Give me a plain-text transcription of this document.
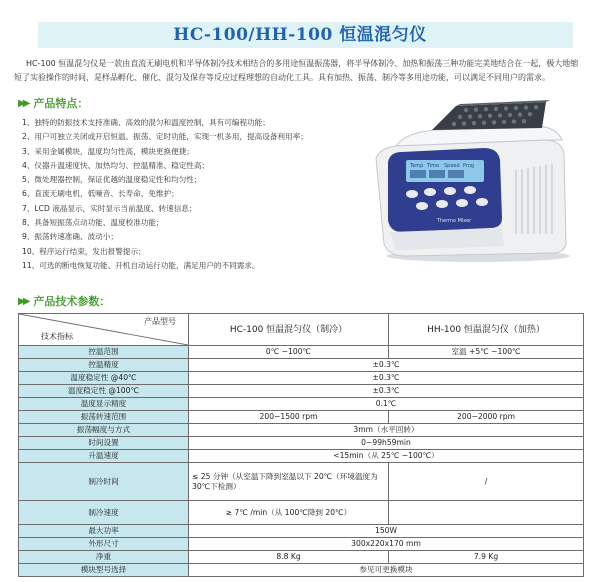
HC-100/HH-100 恒温混匀仪

HC-100 恒温混匀仪是一款由直流无刷电机和半导体制冷技术相结合的多用途恒温振荡器，将半导体制冷、加热和振荡三种功能完美地结合在一起，极大地缩短了实验操作的时间，是样品孵化、催化、混匀及保存等反应过程理想的自动化工具。具有加热、振荡、制冷等多用途功能，可以满足不同用户的需求。

▶▶ 产品特点：
1、独特的防振技术支持准确、高效的混匀和温度控制，具有可编程功能；
2、用户可独立关闭或开启恒温、振荡、定时功能，实现一机多用，提高设备利用率；
3、采用金属模块，温度均匀性高，模块更换便捷；
4、仪器升温速度快、加热均匀、控温精准、稳定性高；
5、微处理器控制，保证优越的温度稳定性和均匀性；
6、直流无刷电机，低噪音、长寿命、免维护；
7、LCD 液晶显示，实时显示当前温度、转速信息；
8、具备短振荡点动功能、温度校准功能；
9、振荡转速准确、波动小；
10、程序运行结束，发出报警提示；
11、可选的断电恢复功能、开机自动运行功能，满足用户的不同需求。
Temp Time Speed Prog
Thermo Mixer
▶▶ 产品技术参数：
产品型号
技术指标	HC-100 恒温混匀仪（制冷）	HH-100 恒温混匀仪（加热）
控温范围	0℃ ~100℃	室温 +5℃ ~100℃
控温精度	±0.3℃	
温度稳定性 @40℃	±0.3℃	
温度稳定性 @100℃	±0.3℃	
温度显示精度	0.1℃	
振荡转速范围	200~1500 rpm	200~2000 rpm
振荡幅度与方式	3mm（水平回转）	
时间设置	0~99h59min	
升温速度	<15min（从 25℃ ~100℃）	
制冷时间	≤ 25 分钟（从室温下降到室温以下 20℃（环境温度为 30℃下检测）	/
制冷速度	≥ 7℃ /min（从 100℃降到 20℃）	
最大功率	150W	
外形尺寸	300x220x170 mm	
净重	8.8 Kg	7.9 Kg
模块型号选择	参见可更换模块	
